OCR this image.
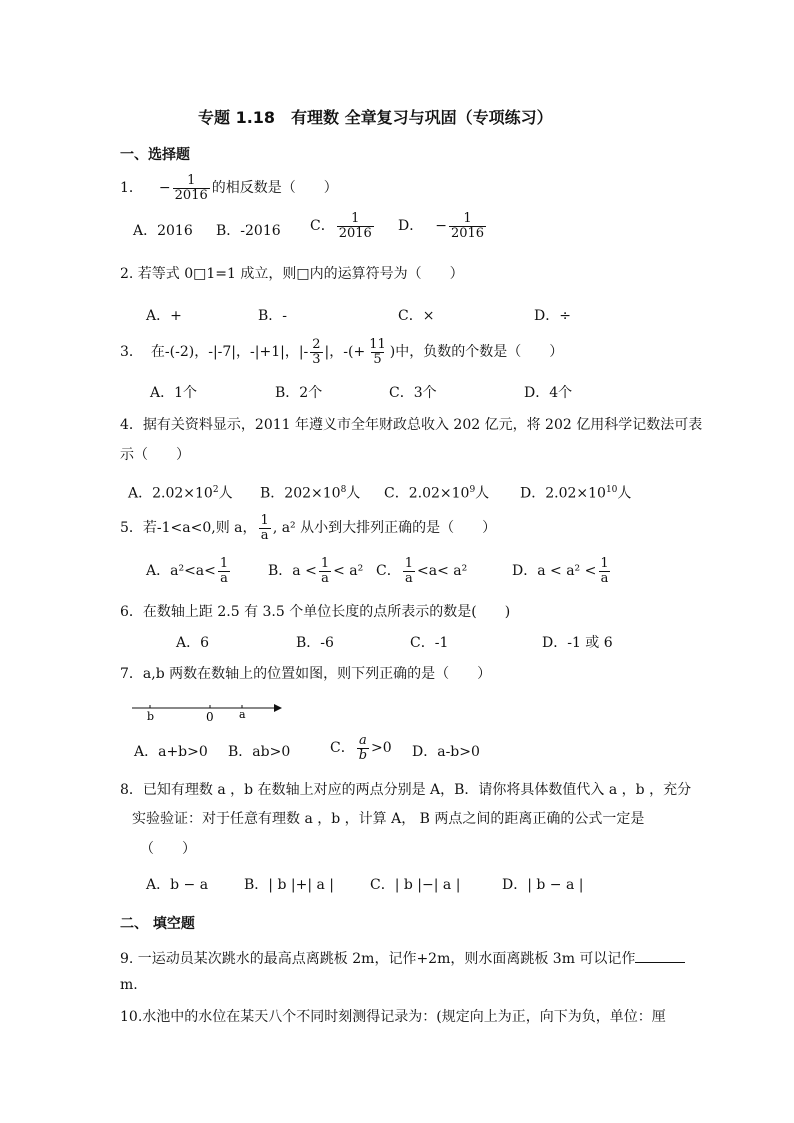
专题 1.18　有理数 全章复习与巩固（专项练习）
一、选择题
1． − $\frac{1}{2016}$ 的相反数是（　　）
A．2016 B．-2016 C． $\frac{1}{2016}$ D． − $\frac{1}{2016}$
2. 若等式 0□1=1 成立，则□内的运算符号为（　　）
A．+	B．-	C．×	D．÷
3． 在-(-2)，-|-7|，-|+1|，|- $\frac{2}{3}$ |，-(+ $\frac{11}{5}$ )中，负数的个数是（　　）
A．1个	B．2个	C．3个	D．4个
4．据有关资料显示，2011 年遵义市全年财政总收入 202 亿元，将 202 亿用科学记数法可表
示（　　）
A．$2.02\times 10^2$人 B．$202\times 10^8$人 C．$2.02\times 10^9$人 D．$2.02\times 10^{10}$人
5． 若-1<a<0,则 a， $\frac{1}{a}$ , a² 从小到大排列正确的是（　　）
A．$a^2<a< \frac{1}{a}$	B．$a < \frac{1}{a} < a^2$ C． $\frac{1}{a} <a< a^2$	D．$a < a^2 < \frac{1}{a}$
6．在数轴上距 2.5 有 3.5 个单位长度的点所表示的数是(　　)
A．6	B．-6	C．-1	D．-1 或 6
7．a,b 两数在数轴上的位置如图，则下列正确的是（　　）
b	0 a
A．a+b>0 B．ab>0	C． $\frac{a}{b} >0$ D．a-b>0
8．已知有理数 a ，b 在数轴上对应的两点分别是 A，B．请你将具体数值代入 a ，b ，充分
实验验证：对于任意有理数 a ，b ，计算 A， B 两点之间的距离正确的公式一定是
（　　）
A．b − a	B．| b |+| a |	C．| b |−| a |	D．| b − a |
二、 填空题
9. 一运动员某次跳水的最高点离跳板 2m，记作+2m，则水面离跳板 3m 可以记作
m.
10.水池中的水位在某天八个不同时刻测得记录为：(规定向上为正，向下为负，单位：厘
